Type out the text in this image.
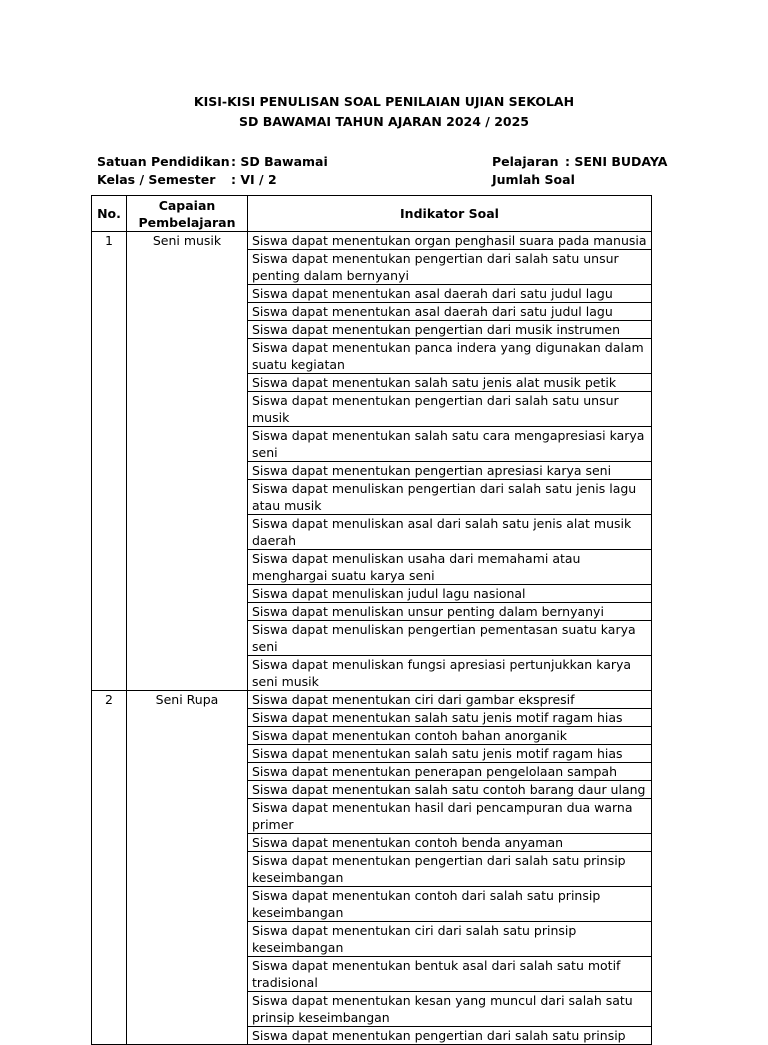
KISI-KISI PENULISAN SOAL PENILAIAN UJIAN SEKOLAH
SD BAWAMAI TAHUN AJARAN 2024 / 2025
Satuan Pendidikan : SD Bawamai
Kelas / Semester : VI / 2
Pelajaran : SENI BUDAYA
Jumlah Soal
No.	Capaian Pembelajaran	Indikator Soal
1	Seni musik	Siswa dapat menentukan organ penghasil suara pada manusia
		Siswa dapat menentukan pengertian dari salah satu unsur penting dalam bernyanyi
		Siswa dapat menentukan asal daerah dari satu judul lagu
		Siswa dapat menentukan asal daerah dari satu judul lagu
		Siswa dapat menentukan pengertian dari musik instrumen
		Siswa dapat menentukan panca indera yang digunakan dalam suatu kegiatan
		Siswa dapat menentukan salah satu jenis alat musik petik
		Siswa dapat menentukan pengertian dari salah satu unsur musik
		Siswa dapat menentukan salah satu cara mengapresiasi karya seni
		Siswa dapat menentukan pengertian apresiasi karya seni
		Siswa dapat menuliskan pengertian dari salah satu jenis lagu atau musik
		Siswa dapat menuliskan asal dari salah satu jenis alat musik daerah
		Siswa dapat menuliskan usaha dari memahami atau menghargai suatu karya seni
		Siswa dapat menuliskan judul lagu nasional
		Siswa dapat menuliskan unsur penting dalam bernyanyi
		Siswa dapat menuliskan pengertian pementasan suatu karya seni
		Siswa dapat menuliskan fungsi apresiasi pertunjukkan karya seni musik
2	Seni Rupa	Siswa dapat menentukan ciri dari gambar ekspresif
		Siswa dapat menentukan salah satu jenis motif ragam hias
		Siswa dapat menentukan contoh bahan anorganik
		Siswa dapat menentukan salah satu jenis motif ragam hias
		Siswa dapat menentukan penerapan pengelolaan sampah
		Siswa dapat menentukan salah satu contoh barang daur ulang
		Siswa dapat menentukan hasil dari pencampuran dua warna primer
		Siswa dapat menentukan contoh benda anyaman
		Siswa dapat menentukan pengertian dari salah satu prinsip keseimbangan
		Siswa dapat menentukan contoh dari salah satu prinsip keseimbangan
		Siswa dapat menentukan ciri dari salah satu prinsip keseimbangan
		Siswa dapat menentukan bentuk asal dari salah satu motif tradisional
		Siswa dapat menentukan kesan yang muncul dari salah satu prinsip keseimbangan
		Siswa dapat menentukan pengertian dari salah satu prinsip
